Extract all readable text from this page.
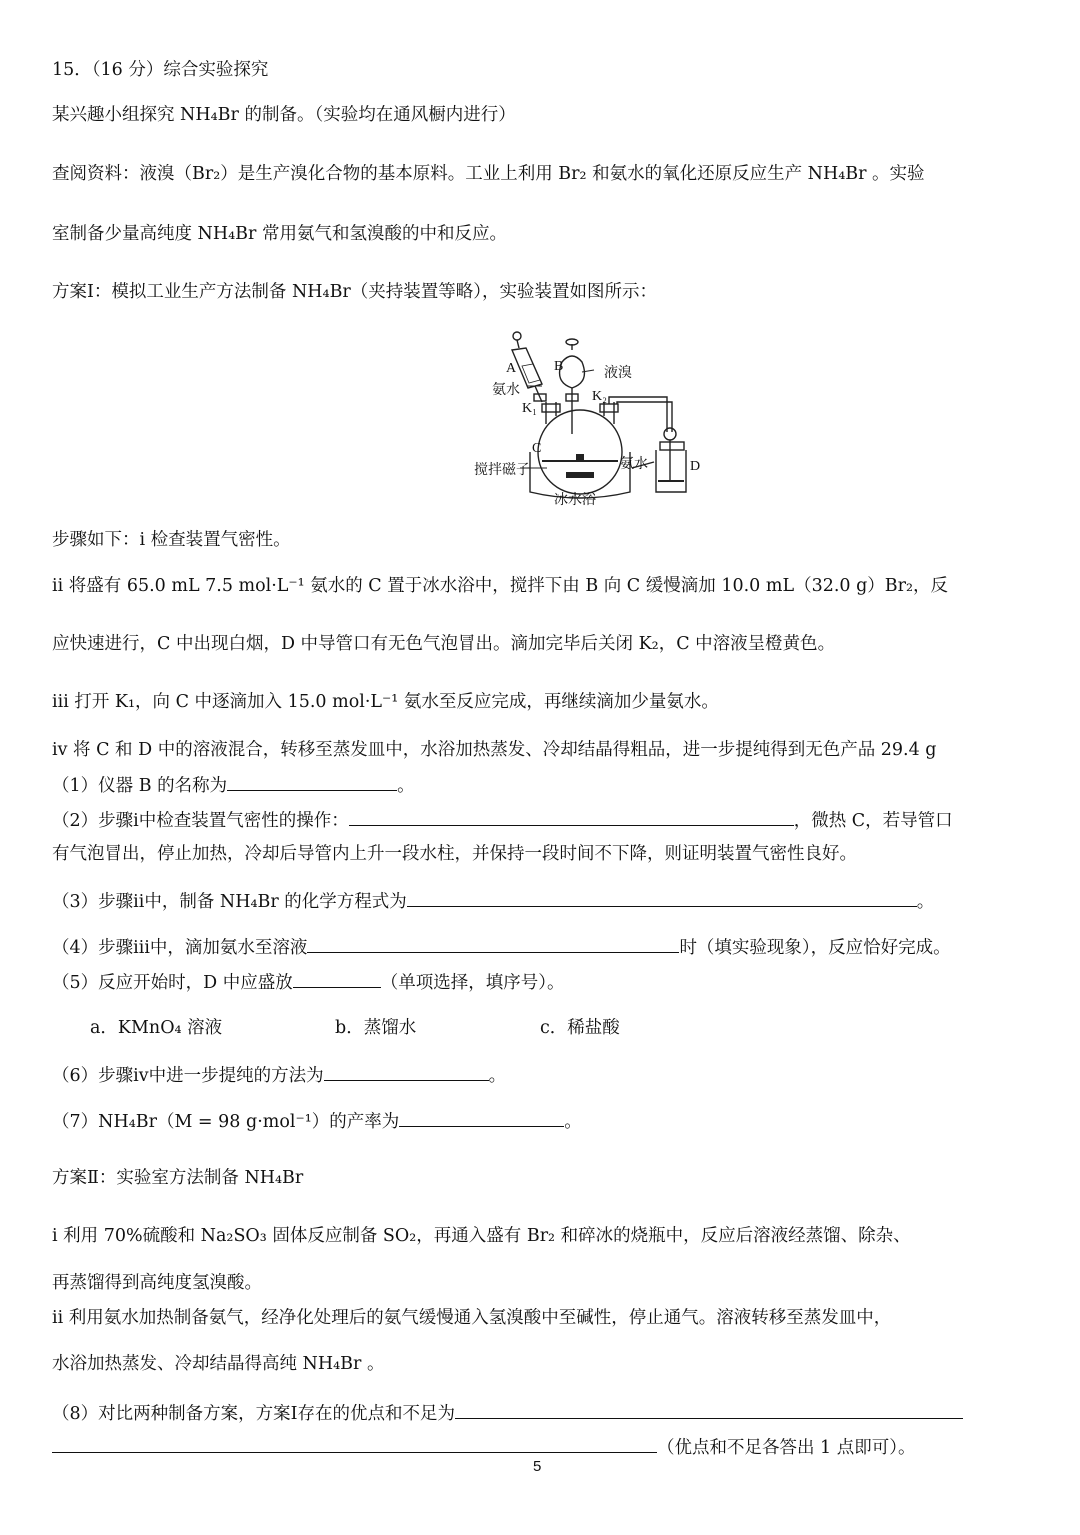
15．（16 分）综合实验探究
某兴趣小组探究 NH₄Br 的制备。（实验均在通风橱内进行）
查阅资料：液溴（Br₂）是生产溴化合物的基本原料。工业上利用 Br₂ 和氨水的氧化还原反应生产 NH₄Br 。实验
室制备少量高纯度 NH₄Br 常用氨气和氢溴酸的中和反应。
方案Ⅰ：模拟工业生产方法制备 NH₄Br（夹持装置等略），实验装置如图所示：
A	B
C
D
K₁
K₂
氨水
液溴
搅拌磁子	氨水
冰水浴
步骤如下：ⅰ 检查装置气密性。
ⅱ 将盛有 65.0 mL 7.5 mol·L⁻¹ 氨水的 C 置于冰水浴中，搅拌下由 B 向 C 缓慢滴加 10.0 mL（32.0 g）Br₂，反
应快速进行，C 中出现白烟，D 中导管口有无色气泡冒出。滴加完毕后关闭 K₂，C 中溶液呈橙黄色。
ⅲ 打开 K₁，向 C 中逐滴加入 15.0 mol·L⁻¹ 氨水至反应完成，再继续滴加少量氨水。
ⅳ 将 C 和 D 中的溶液混合，转移至蒸发皿中，水浴加热蒸发、冷却结晶得粗品，进一步提纯得到无色产品 29.4 g
（1）仪器 B 的名称为	。
（2）步骤ⅰ中检查装置气密性的操作：	，微热 C，若导管口
有气泡冒出，停止加热，冷却后导管内上升一段水柱，并保持一段时间不下降，则证明装置气密性良好。
（3）步骤ⅱ中，制备 NH₄Br 的化学方程式为	。
（4）步骤ⅲ中，滴加氨水至溶液	时（填实验现象），反应恰好完成。
（5）反应开始时，D 中应盛放	（单项选择，填序号）。
a．KMnO₄ 溶液	b．蒸馏水	c．稀盐酸
（6）步骤ⅳ中进一步提纯的方法为	。
（7）NH₄Br（M = 98 g·mol⁻¹）的产率为	。
方案Ⅱ：实验室方法制备 NH₄Br
ⅰ 利用 70%硫酸和 Na₂SO₃ 固体反应制备 SO₂，再通入盛有 Br₂ 和碎冰的烧瓶中，反应后溶液经蒸馏、除杂、
再蒸馏得到高纯度氢溴酸。
ⅱ 利用氨水加热制备氨气，经净化处理后的氨气缓慢通入氢溴酸中至碱性，停止通气。溶液转移至蒸发皿中，
水浴加热蒸发、冷却结晶得高纯 NH₄Br 。
（8）对比两种制备方案，方案Ⅰ存在的优点和不足为
（优点和不足各答出 1 点即可）。
5
